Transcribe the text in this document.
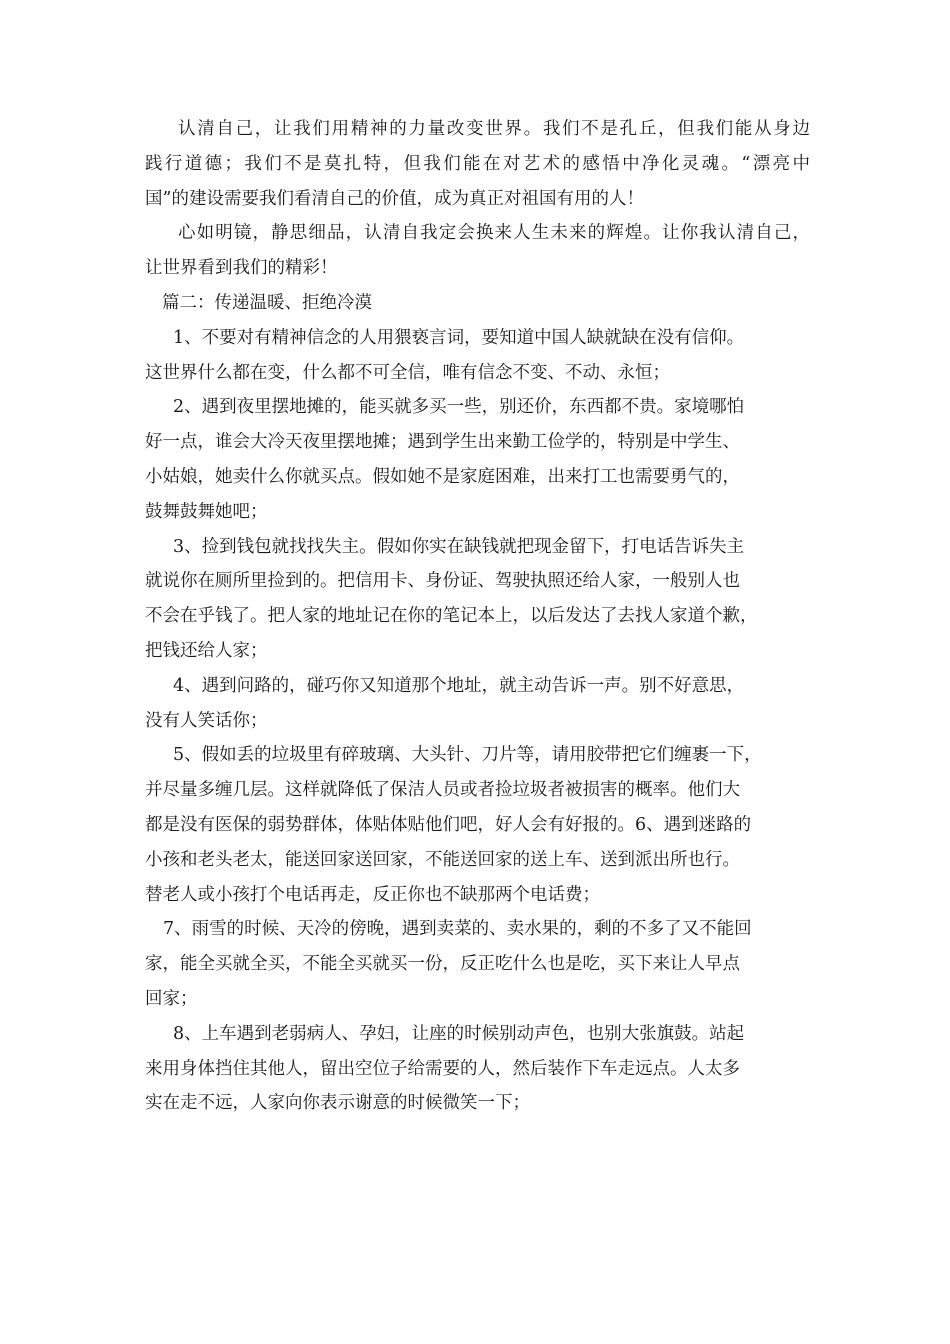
认清自己，让我们用精神的力量改变世界。我们不是孔丘，但我们能从身边
践行道德；我们不是莫扎特，但我们能在对艺术的感悟中净化灵魂。“漂亮中
国”的建设需要我们看清自己的价值，成为真正对祖国有用的人！
心如明镜，静思细品，认清自我定会换来人生未来的辉煌。让你我认清自己，
让世界看到我们的精彩！
篇二：传递温暖、拒绝冷漠
1、不要对有精神信念的人用猥亵言词，要知道中国人缺就缺在没有信仰。
这世界什么都在变，什么都不可全信，唯有信念不变、不动、永恒；
2、遇到夜里摆地摊的，能买就多买一些，别还价，东西都不贵。家境哪怕
好一点，谁会大冷天夜里摆地摊；遇到学生出来勤工俭学的，特别是中学生、
小姑娘，她卖什么你就买点。假如她不是家庭困难，出来打工也需要勇气的，
鼓舞鼓舞她吧；
3、捡到钱包就找找失主。假如你实在缺钱就把现金留下，打电话告诉失主
就说你在厕所里捡到的。把信用卡、身份证、驾驶执照还给人家，一般别人也
不会在乎钱了。把人家的地址记在你的笔记本上，以后发达了去找人家道个歉，
把钱还给人家；
4、遇到问路的，碰巧你又知道那个地址，就主动告诉一声。别不好意思，
没有人笑话你；
5、假如丢的垃圾里有碎玻璃、大头针、刀片等，请用胶带把它们缠裹一下，
并尽量多缠几层。这样就降低了保洁人员或者捡垃圾者被损害的概率。他们大
都是没有医保的弱势群体，体贴体贴他们吧，好人会有好报的。6、遇到迷路的
小孩和老头老太，能送回家送回家，不能送回家的送上车、送到派出所也行。
替老人或小孩打个电话再走，反正你也不缺那两个电话费；
7、雨雪的时候、天冷的傍晚，遇到卖菜的、卖水果的，剩的不多了又不能回
家，能全买就全买，不能全买就买一份，反正吃什么也是吃，买下来让人早点
回家；
8、上车遇到老弱病人、孕妇，让座的时候别动声色，也别大张旗鼓。站起
来用身体挡住其他人，留出空位子给需要的人，然后装作下车走远点。人太多
实在走不远，人家向你表示谢意的时候微笑一下；
